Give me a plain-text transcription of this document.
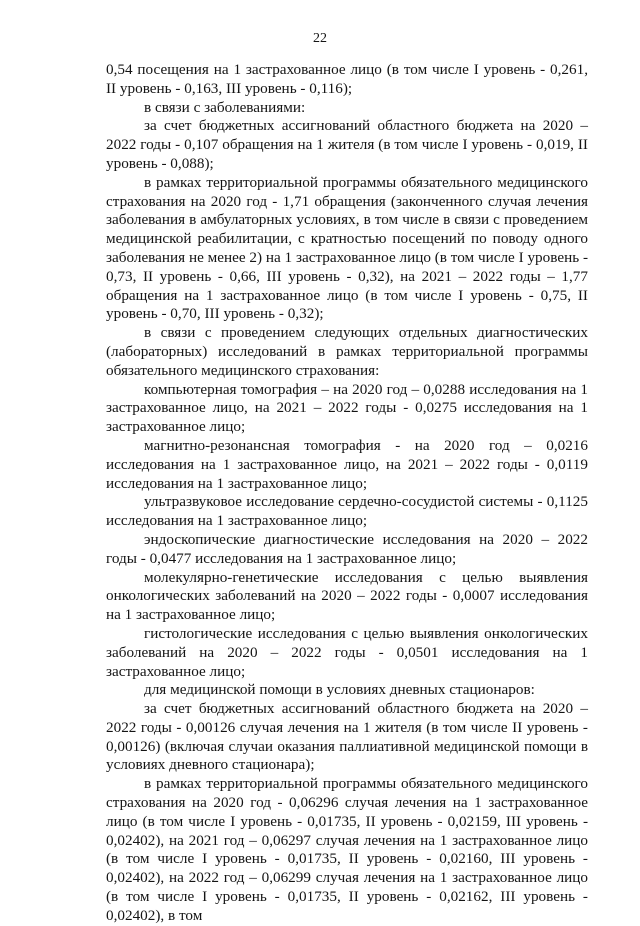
22

0,54 посещения на 1 застрахованное лицо (в том числе I уровень - 0,261, II уровень - 0,163, III уровень - 0,116);

в связи с заболеваниями:

за счет бюджетных ассигнований областного бюджета на 2020 – 2022 годы - 0,107 обращения на 1 жителя (в том числе I уровень - 0,019, II уровень - 0,088);

в рамках территориальной программы обязательного медицинского страхования на 2020 год - 1,71 обращения (законченного случая лечения заболевания в амбулаторных условиях, в том числе в связи с проведением медицинской реабилитации, с кратностью посещений по поводу одного заболевания не менее 2) на 1 застрахованное лицо (в том числе I уровень - 0,73, II уровень - 0,66, III уровень - 0,32), на 2021 – 2022 годы – 1,77 обращения на 1 застрахованное лицо (в том числе I уровень - 0,75, II уровень - 0,70, III уровень - 0,32);

в связи с проведением следующих отдельных диагностических (лабораторных) исследований в рамках территориальной программы обязательного медицинского страхования:

компьютерная томография – на 2020 год – 0,0288 исследования на 1 застрахованное лицо, на 2021 – 2022 годы - 0,0275 исследования на 1 застрахованное лицо;

магнитно-резонансная томография - на 2020 год – 0,0216 исследования на 1 застрахованное лицо, на 2021 – 2022 годы - 0,0119 исследования на 1 застрахованное лицо;

ультразвуковое исследование сердечно-сосудистой системы - 0,1125 исследования на 1 застрахованное лицо;

эндоскопические диагностические исследования на 2020 – 2022 годы - 0,0477 исследования на 1 застрахованное лицо;

молекулярно-генетические исследования с целью выявления онкологических заболеваний на 2020 – 2022 годы - 0,0007 исследования на 1 застрахованное лицо;

гистологические исследования с целью выявления онкологических заболеваний на 2020 – 2022 годы - 0,0501 исследования на 1 застрахованное лицо;

для медицинской помощи в условиях дневных стационаров:

за счет бюджетных ассигнований областного бюджета на 2020 – 2022 годы - 0,00126 случая лечения на 1 жителя (в том числе II уровень - 0,00126) (включая случаи оказания паллиативной медицинской помощи в условиях дневного стационара);

в рамках территориальной программы обязательного медицинского страхования на 2020 год - 0,06296 случая лечения на 1 застрахованное лицо (в том числе I уровень - 0,01735, II уровень - 0,02159, III уровень - 0,02402), на 2021 год – 0,06297 случая лечения на 1 застрахованное лицо (в том числе I уровень - 0,01735, II уровень - 0,02160, III уровень - 0,02402), на 2022 год – 0,06299 случая лечения на 1 застрахованное лицо (в том числе I уровень - 0,01735, II уровень - 0,02162, III уровень - 0,02402), в том
